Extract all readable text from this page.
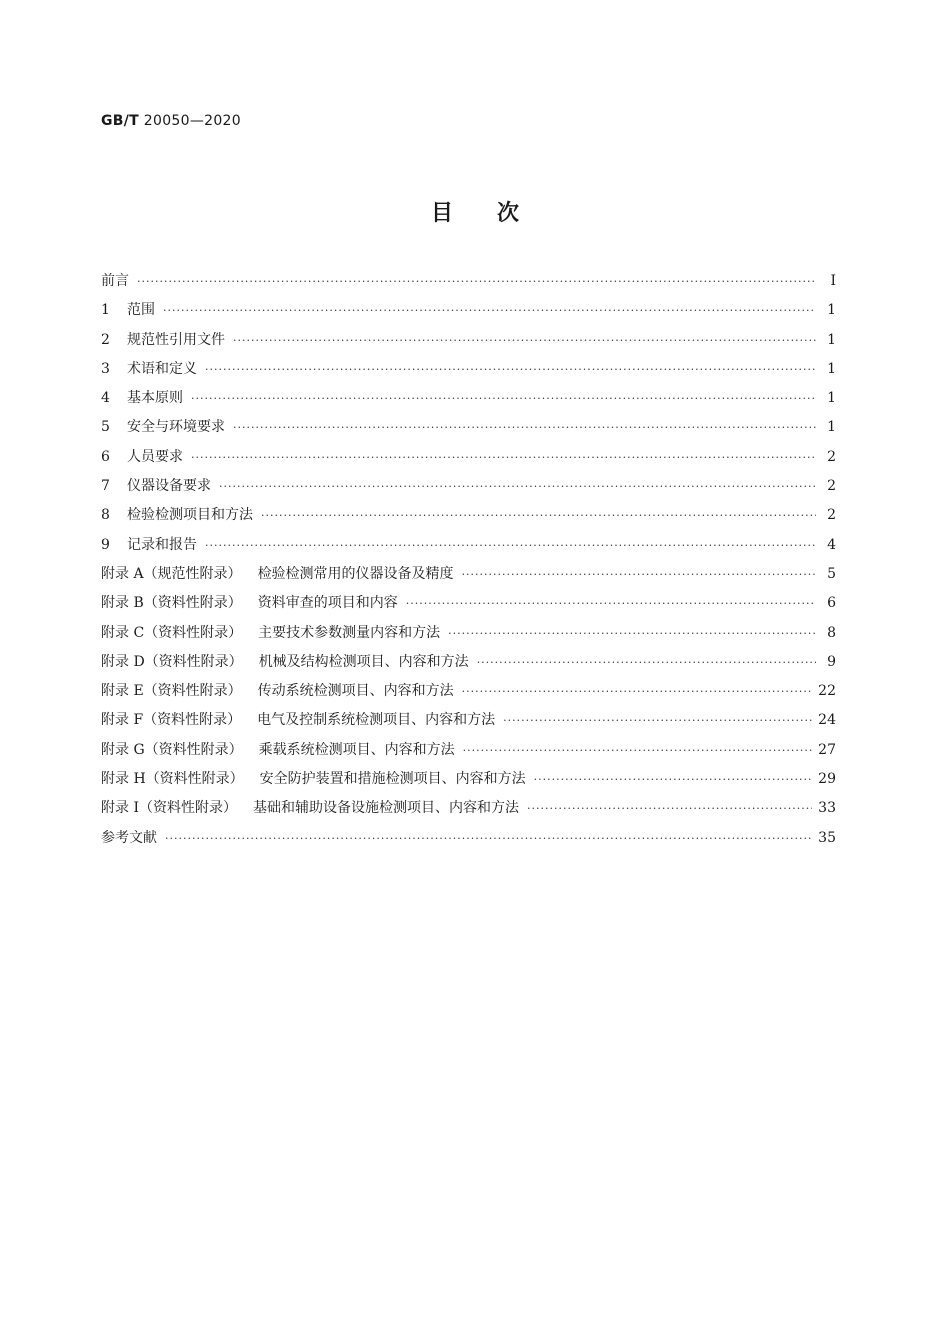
GB/T 20050—2020
目　　次
前言 ·····	Ⅰ
1 范围 ·····	1
2 规范性引用文件 ·····	1
3 术语和定义 ·····	1
4 基本原则 ·····	1
5 安全与环境要求 ·····	1
6 人员要求 ·····	2
7 仪器设备要求 ·····	2
8 检验检测项目和方法 ·····	2
9 记录和报告 ·····	4
附录 A（规范性附录） 检验检测常用的仪器设备及精度 ·····	5
附录 B（资料性附录） 资料审查的项目和内容 ·····	6
附录 C（资料性附录） 主要技术参数测量内容和方法 ·····	8
附录 D（资料性附录） 机械及结构检测项目、内容和方法 ·····	9
附录 E（资料性附录） 传动系统检测项目、内容和方法 ·····	22
附录 F（资料性附录） 电气及控制系统检测项目、内容和方法 ·····	24
附录 G（资料性附录） 乘载系统检测项目、内容和方法 ·····	27
附录 H（资料性附录） 安全防护装置和措施检测项目、内容和方法 ·····	29
附录 I（资料性附录） 基础和辅助设备设施检测项目、内容和方法 ·····	33
参考文献 ·····	35
